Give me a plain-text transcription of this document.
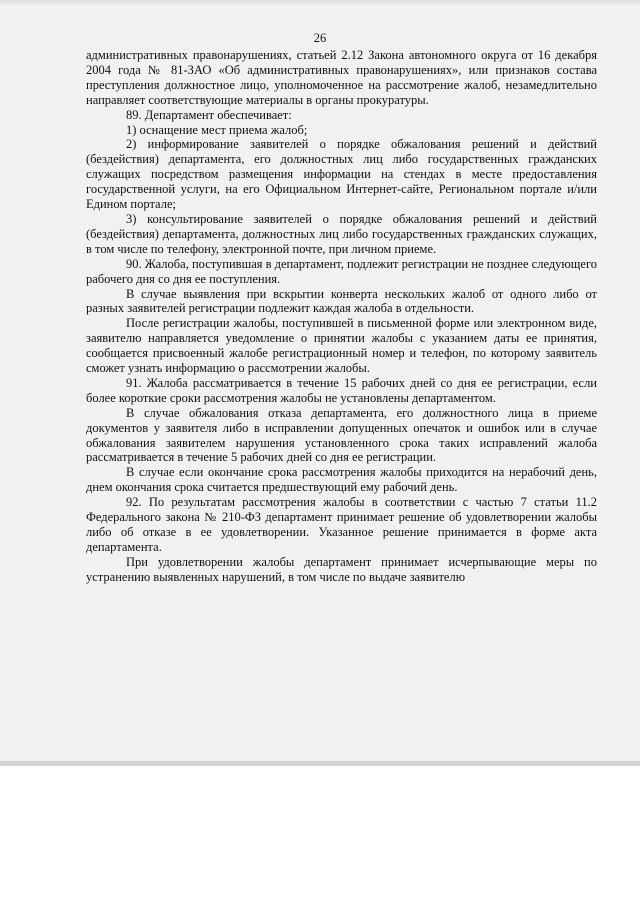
26

административных правонарушениях, статьей 2.12 Закона автономного округа от 16 декабря 2004 года № 81-ЗАО «Об административных правонарушениях», или признаков состава преступления должностное лицо, уполномоченное на рассмотрение жалоб, незамедлительно направляет соответствующие материалы в органы прокуратуры.

89. Департамент обеспечивает:

1) оснащение мест приема жалоб;

2) информирование заявителей о порядке обжалования решений и действий (бездействия) департамента, его должностных лиц либо государственных гражданских служащих посредством размещения информации на стендах в месте предоставления государственной услуги, на его Официальном Интернет-сайте, Региональном портале и/или Едином портале;

3) консультирование заявителей о порядке обжалования решений и действий (бездействия) департамента, должностных лиц либо государственных гражданских служащих, в том числе по телефону, электронной почте, при личном приеме.

90. Жалоба, поступившая в департамент, подлежит регистрации не позднее следующего рабочего дня со дня ее поступления.

В случае выявления при вскрытии конверта нескольких жалоб от одного либо от разных заявителей регистрации подлежит каждая жалоба в отдельности.

После регистрации жалобы, поступившей в письменной форме или электронном виде, заявителю направляется уведомление о принятии жалобы с указанием даты ее принятия, сообщается присвоенный жалобе регистрационный номер и телефон, по которому заявитель сможет узнать информацию о рассмотрении жалобы.

91. Жалоба рассматривается в течение 15 рабочих дней со дня ее регистрации, если более короткие сроки рассмотрения жалобы не установлены департаментом.

В случае обжалования отказа департамента, его должностного лица в приеме документов у заявителя либо в исправлении допущенных опечаток и ошибок или в случае обжалования заявителем нарушения установленного срока таких исправлений жалоба рассматривается в течение 5 рабочих дней со дня ее регистрации.

В случае если окончание срока рассмотрения жалобы приходится на нерабочий день, днем окончания срока считается предшествующий ему рабочий день.

92. По результатам рассмотрения жалобы в соответствии с частью 7 статьи 11.2 Федерального закона № 210-ФЗ департамент принимает решение об удовлетворении жалобы либо об отказе в ее удовлетворении. Указанное решение принимается в форме акта департамента.

При удовлетворении жалобы департамент принимает исчерпывающие меры по устранению выявленных нарушений, в том числе по выдаче заявителю
